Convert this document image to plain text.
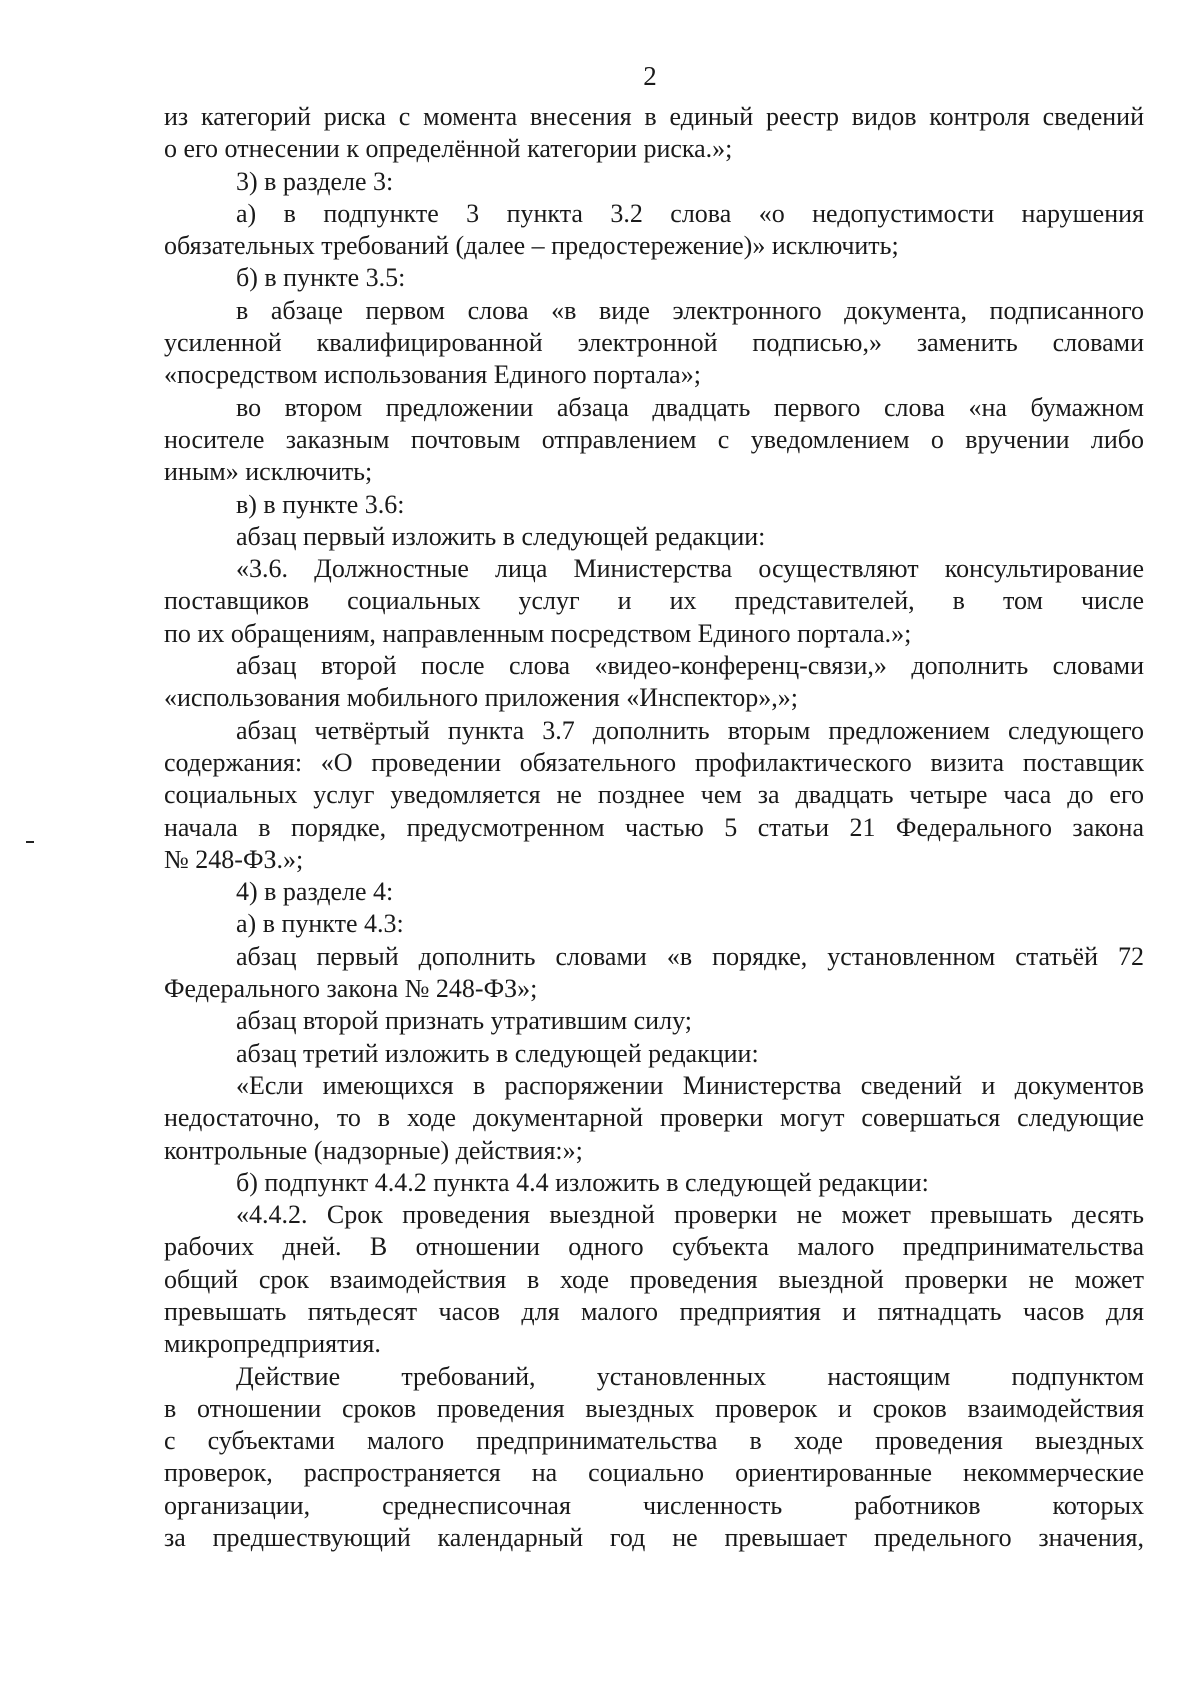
2
из категорий риска с момента внесения в единый реестр видов контроля сведений
о его отнесении к определённой категории риска.»;
3) в разделе 3:
а) в подпункте 3 пункта 3.2 слова «о недопустимости нарушения
обязательных требований (далее – предостережение)» исключить;
б) в пункте 3.5:
в абзаце первом слова «в виде электронного документа, подписанного
усиленной квалифицированной электронной подписью,» заменить словами
«посредством использования Единого портала»;
во втором предложении абзаца двадцать первого слова «на бумажном
носителе заказным почтовым отправлением с уведомлением о вручении либо
иным» исключить;
в) в пункте 3.6:
абзац первый изложить в следующей редакции:
«3.6. Должностные лица Министерства осуществляют консультирование
поставщиков социальных услуг и их представителей, в том числе
по их обращениям, направленным посредством Единого портала.»;
абзац второй после слова «видео-конференц-связи,» дополнить словами
«использования мобильного приложения «Инспектор»,»;
абзац четвёртый пункта 3.7 дополнить вторым предложением следующего
содержания: «О проведении обязательного профилактического визита поставщик
социальных услуг уведомляется не позднее чем за двадцать четыре часа до его
начала в порядке, предусмотренном частью 5 статьи 21 Федерального закона
№ 248-ФЗ.»;
4) в разделе 4:
а) в пункте 4.3:
абзац первый дополнить словами «в порядке, установленном статьёй 72
Федерального закона № 248-ФЗ»;
абзац второй признать утратившим силу;
абзац третий изложить в следующей редакции:
«Если имеющихся в распоряжении Министерства сведений и документов
недостаточно, то в ходе документарной проверки могут совершаться следующие
контрольные (надзорные) действия:»;
б) подпункт 4.4.2 пункта 4.4 изложить в следующей редакции:
«4.4.2. Срок проведения выездной проверки не может превышать десять
рабочих дней. В отношении одного субъекта малого предпринимательства
общий срок взаимодействия в ходе проведения выездной проверки не может
превышать пятьдесят часов для малого предприятия и пятнадцать часов для
микропредприятия.
Действие требований, установленных настоящим подпунктом
в отношении сроков проведения выездных проверок и сроков взаимодействия
с субъектами малого предпринимательства в ходе проведения выездных
проверок, распространяется на социально ориентированные некоммерческие
организации, среднесписочная численность работников которых
за предшествующий календарный год не превышает предельного значения,
